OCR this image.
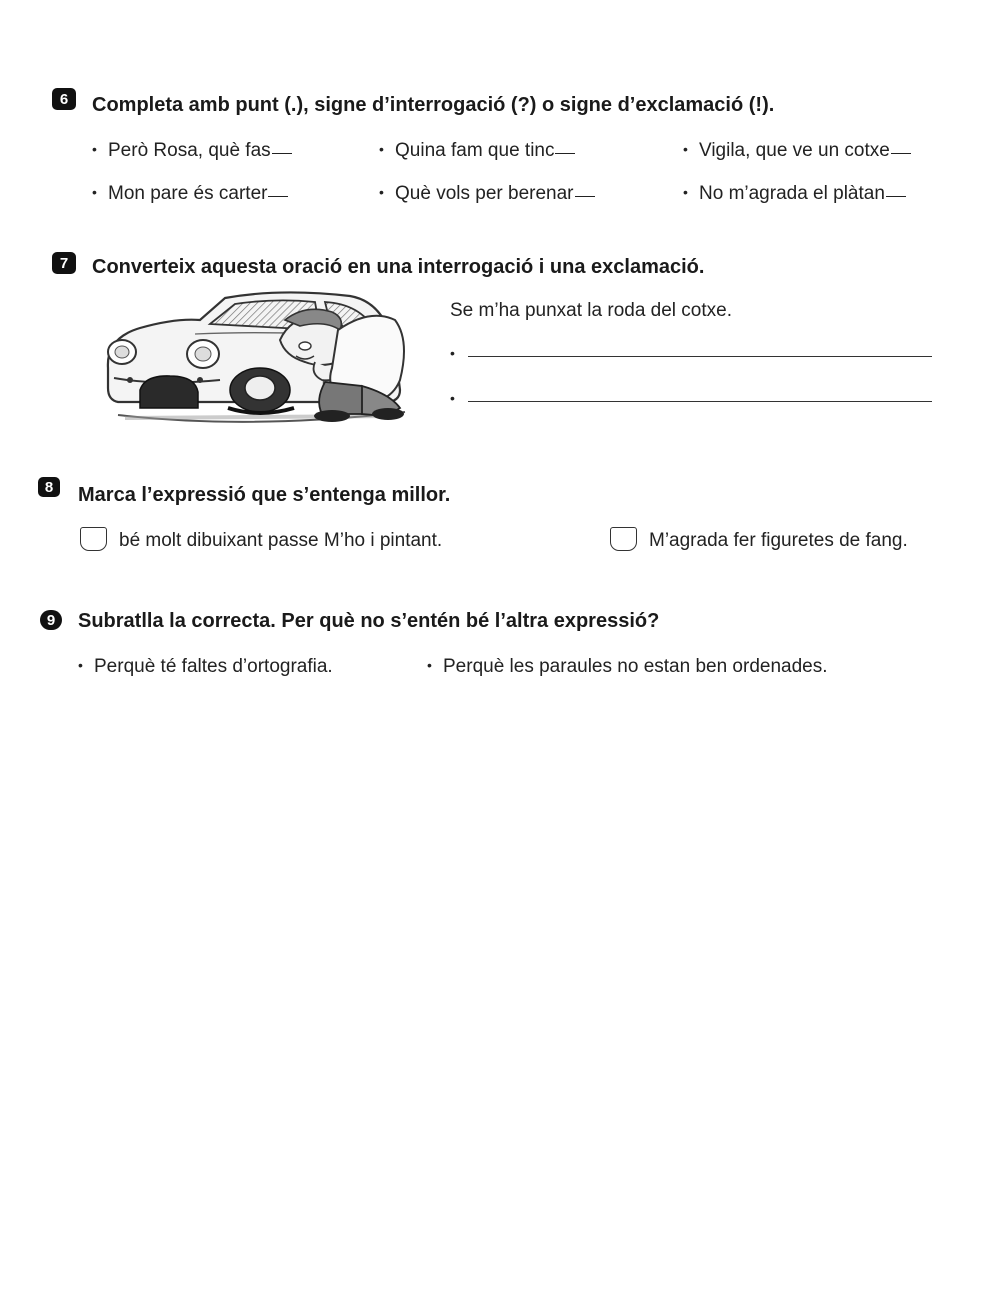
6	Completa amb punt (.), signe d’interrogació (?) o signe d’exclamació (!).
• Però Rosa, què fas	• Quina fam que tinc	• Vigila, que ve un cotxe
• Mon pare és carter	• Què vols per berenar	• No m’agrada el plàtan
7	Converteix aquesta oració en una interrogació i una exclamació.
Se m’ha punxat la roda del cotxe.
•
•
8	Marca l’expressió que s’entenga millor.
bé molt dibuixant passe M’ho i pintant.	M’agrada fer figuretes de fang.
9	Subratlla la correcta. Per què no s’entén bé l’altra expressió?
• Perquè té faltes d’ortografia.	• Perquè les paraules no estan ben ordenades.
